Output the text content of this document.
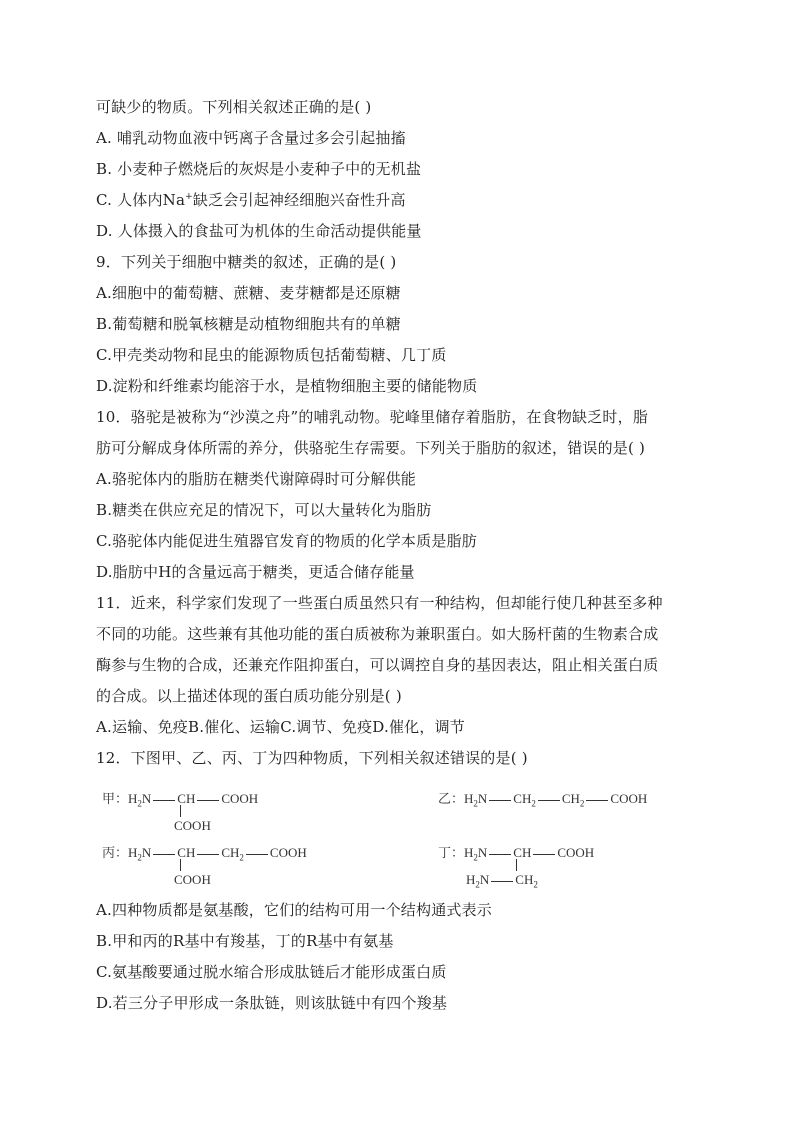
可缺少的物质。下列相关叙述正确的是( )
A. 哺乳动物血液中钙离子含量过多会引起抽搐
B. 小麦种子燃烧后的灰烬是小麦种子中的无机盐
C. 人体内Na+缺乏会引起神经细胞兴奋性升高
D. 人体摄入的食盐可为机体的生命活动提供能量
9．下列关于细胞中糖类的叙述，正确的是( )
A.细胞中的葡萄糖、蔗糖、麦芽糖都是还原糖
B.葡萄糖和脱氧核糖是动植物细胞共有的单糖
C.甲壳类动物和昆虫的能源物质包括葡萄糖、几丁质
D.淀粉和纤维素均能溶于水，是植物细胞主要的储能物质
10．骆驼是被称为“沙漠之舟”的哺乳动物。驼峰里储存着脂肪，在食物缺乏时，脂
肪可分解成身体所需的养分，供骆驼生存需要。下列关于脂肪的叙述，错误的是( )
A.骆驼体内的脂肪在糖类代谢障碍时可分解供能
B.糖类在供应充足的情况下，可以大量转化为脂肪
C.骆驼体内能促进生殖器官发育的物质的化学本质是脂肪
D.脂肪中H的含量远高于糖类，更适合储存能量
11．近来，科学家们发现了一些蛋白质虽然只有一种结构，但却能行使几种甚至多种
不同的功能。这些兼有其他功能的蛋白质被称为兼职蛋白。如大肠杆菌的生物素合成
酶参与生物的合成，还兼充作阻抑蛋白，可以调控自身的基因表达，阻止相关蛋白质
的合成。以上描述体现的蛋白质功能分别是( )
A.运输、免疫B.催化、运输C.调节、免疫D.催化，调节
12．下图甲、乙、丙、丁为四种物质，下列相关叙述错误的是( )
甲：$H_2N$ CH COOH
COOH
乙：$H_2N$ $CH_2$ $CH_2$ COOH
丙：$H_2N$ CH $CH_2$ COOH
COOH
丁：$H_2N$ CH COOH
$H_2N$ $CH_2$
A.四种物质都是氨基酸，它们的结构可用一个结构通式表示
B.甲和丙的R基中有羧基，丁的R基中有氨基
C.氨基酸要通过脱水缩合形成肽链后才能形成蛋白质
D.若三分子甲形成一条肽链，则该肽链中有四个羧基
